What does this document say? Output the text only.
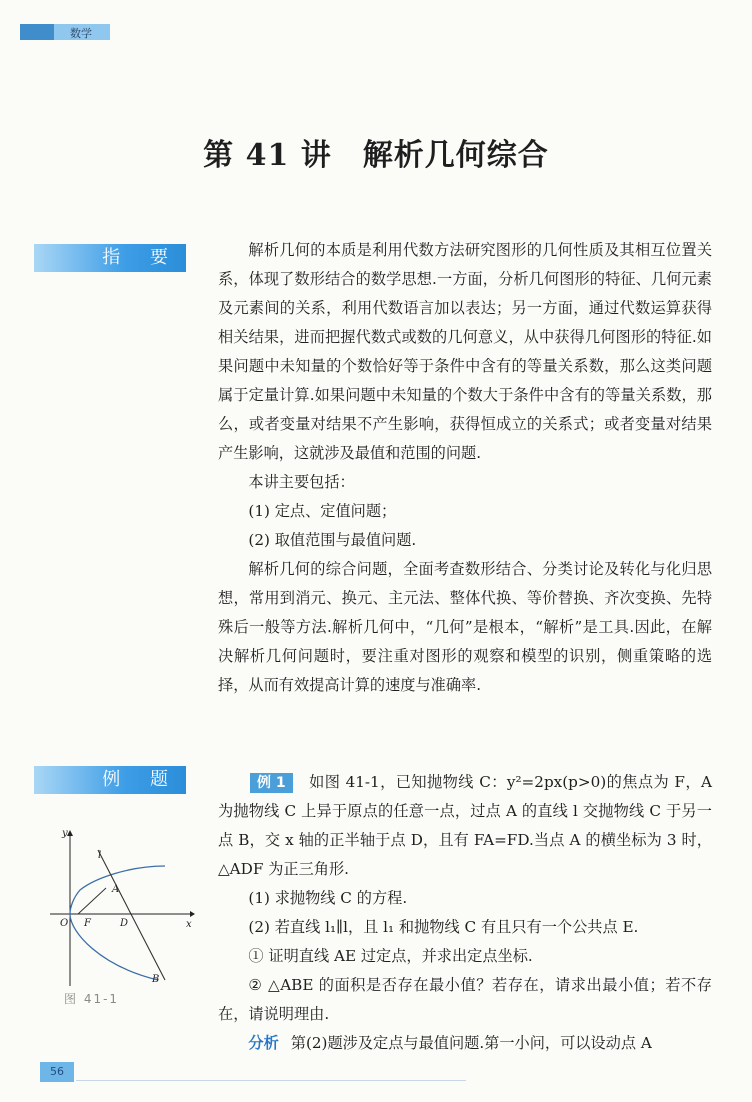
数学
第 41 讲　解析几何综合
指 要	解析几何的本质是利用代数方法研究图形的几何性质及其相互位置关系，体现了数形结合的数学思想.一方面，分析几何图形的特征、几何元素及元素间的关系，利用代数语言加以表达；另一方面，通过代数运算获得相关结果，进而把握代数式或数的几何意义，从中获得几何图形的特征.如果问题中未知量的个数恰好等于条件中含有的等量关系数，那么这类问题属于定量计算.如果问题中未知量的个数大于条件中含有的等量关系数，那么，或者变量对结果不产生影响，获得恒成立的关系式；或者变量对结果产生影响，这就涉及最值和范围的问题.

本讲主要包括：

(1) 定点、定值问题；

(2) 取值范围与最值问题.

解析几何的综合问题，全面考查数形结合、分类讨论及转化与化归思想，常用到消元、换元、主元法、整体代换、等价替换、齐次变换、先特殊后一般等方法.解析几何中，“几何”是根本，“解析”是工具.因此，在解决解析几何问题时，要注重对图形的观察和模型的识别，侧重策略的选择，从而有效提高计算的速度与准确率.

例 题
y
x
O F	D
A
B
l
图 41-1

例 1 如图 41-1，已知抛物线 C：y²=2px(p>0)的焦点为 F，A 为抛物线 C 上异于原点的任意一点，过点 A 的直线 l 交抛物线 C 于另一点 B，交 x 轴的正半轴于点 D，且有 FA=FD.当点 A 的横坐标为 3 时，△ADF 为正三角形.

(1) 求抛物线 C 的方程.

(2) 若直线 l₁∥l，且 l₁ 和抛物线 C 有且只有一个公共点 E.

① 证明直线 AE 过定点，并求出定点坐标.

② △ABE 的面积是否存在最小值？若存在，请求出最小值；若不存在，请说明理由.

分析 第(2)题涉及定点与最值问题.第一小问，可以设动点 A

56
